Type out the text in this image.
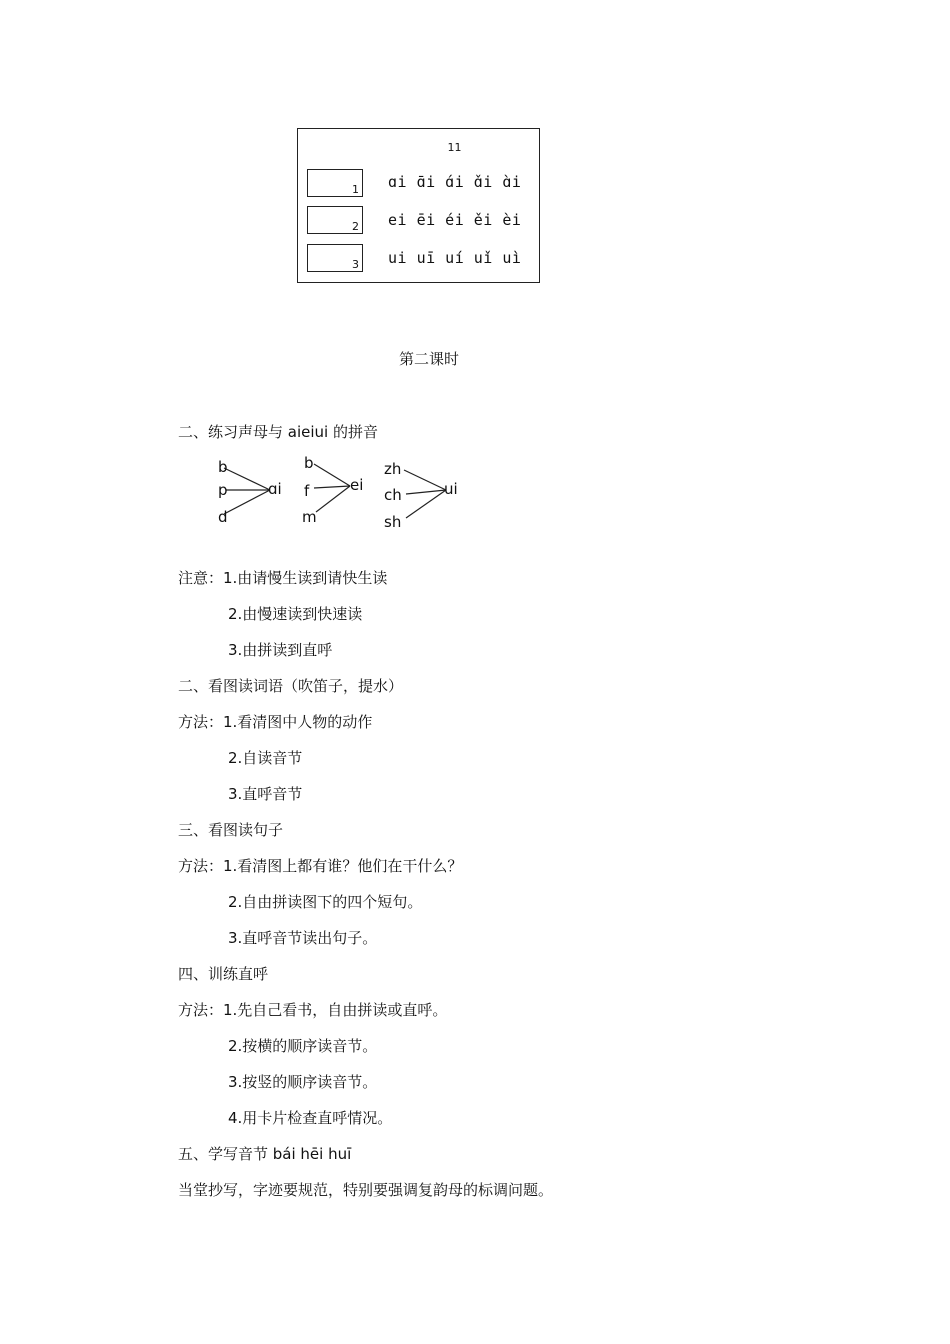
11
1 ɑi ɑ̄i ɑ́i ɑ̌i ɑ̀i
2 ei ēi éi ěi èi
3 ui uī uí uǐ uì
第二课时
二、练习声母与 aieiui 的拼音
b
p
d
ɑi
b
f
m
ei
zh
ch
sh
ui
注意：1.由请慢生读到请快生读
2.由慢速读到快速读
3.由拼读到直呼
二、看图读词语（吹笛子，提水）
方法：1.看清图中人物的动作
2.自读音节
3.直呼音节
三、看图读句子
方法：1.看清图上都有谁？他们在干什么？
2.自由拼读图下的四个短句。
3.直呼音节读出句子。
四、训练直呼
方法：1.先自己看书，自由拼读或直呼。
2.按横的顺序读音节。
3.按竖的顺序读音节。
4.用卡片检查直呼情况。
五、学写音节 bái hēi huī
当堂抄写，字迹要规范，特别要强调复韵母的标调问题。
